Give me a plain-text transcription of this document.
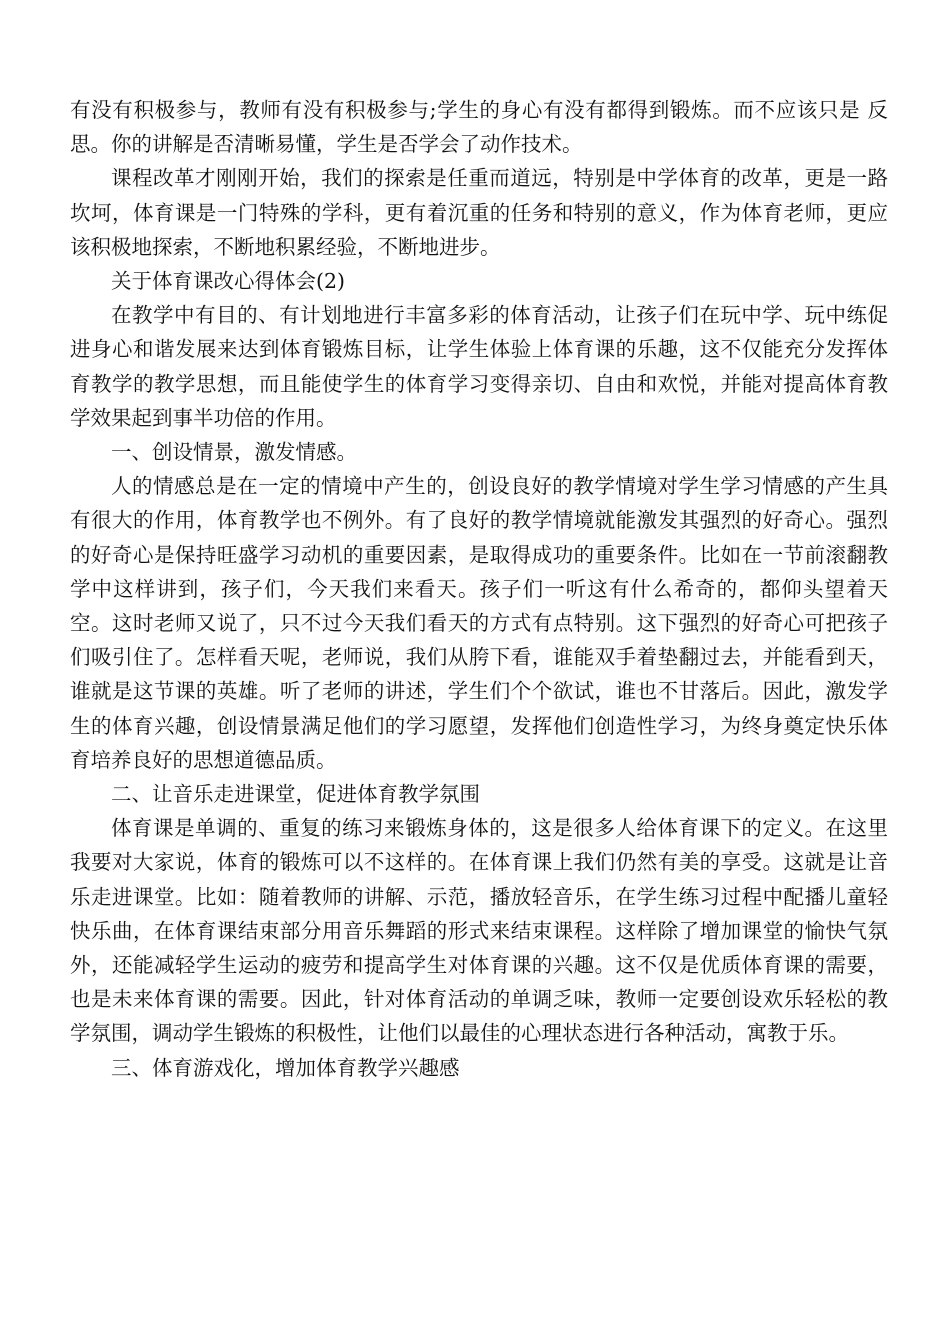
有没有积极参与，教师有没有积极参与;学生的身心有没有都得到锻炼。而不应该只是 反思。你的讲解是否清晰易懂，学生是否学会了动作技术。

课程改革才刚刚开始，我们的探索是任重而道远，特别是中学体育的改革，更是一路坎坷，体育课是一门特殊的学科，更有着沉重的任务和特别的意义，作为体育老师，更应该积极地探索，不断地积累经验，不断地进步。

关于体育课改心得体会(2)

在教学中有目的、有计划地进行丰富多彩的体育活动，让孩子们在玩中学、玩中练促进身心和谐发展来达到体育锻炼目标，让学生体验上体育课的乐趣，这不仅能充分发挥体育教学的教学思想，而且能使学生的体育学习变得亲切、自由和欢悦，并能对提高体育教学效果起到事半功倍的作用。

一、创设情景，激发情感。

人的情感总是在一定的情境中产生的，创设良好的教学情境对学生学习情感的产生具有很大的作用，体育教学也不例外。有了良好的教学情境就能激发其强烈的好奇心。强烈的好奇心是保持旺盛学习动机的重要因素，是取得成功的重要条件。比如在一节前滚翻教学中这样讲到，孩子们，今天我们来看天。孩子们一听这有什么希奇的，都仰头望着天空。这时老师又说了，只不过今天我们看天的方式有点特别。这下强烈的好奇心可把孩子们吸引住了。怎样看天呢，老师说，我们从胯下看，谁能双手着垫翻过去，并能看到天，谁就是这节课的英雄。听了老师的讲述，学生们个个欲试，谁也不甘落后。因此，激发学生的体育兴趣，创设情景满足他们的学习愿望，发挥他们创造性学习，为终身奠定快乐体育培养良好的思想道德品质。

二、让音乐走进课堂，促进体育教学氛围

体育课是单调的、重复的练习来锻炼身体的，这是很多人给体育课下的定义。在这里我要对大家说，体育的锻炼可以不这样的。在体育课上我们仍然有美的享受。这就是让音乐走进课堂。比如：随着教师的讲解、示范，播放轻音乐，在学生练习过程中配播儿童轻快乐曲，在体育课结束部分用音乐舞蹈的形式来结束课程。这样除了增加课堂的愉快气氛外，还能减轻学生运动的疲劳和提高学生对体育课的兴趣。这不仅是优质体育课的需要，也是未来体育课的需要。因此，针对体育活动的单调乏味，教师一定要创设欢乐轻松的教学氛围，调动学生锻炼的积极性，让他们以最佳的心理状态进行各种活动，寓教于乐。

三、体育游戏化，增加体育教学兴趣感
